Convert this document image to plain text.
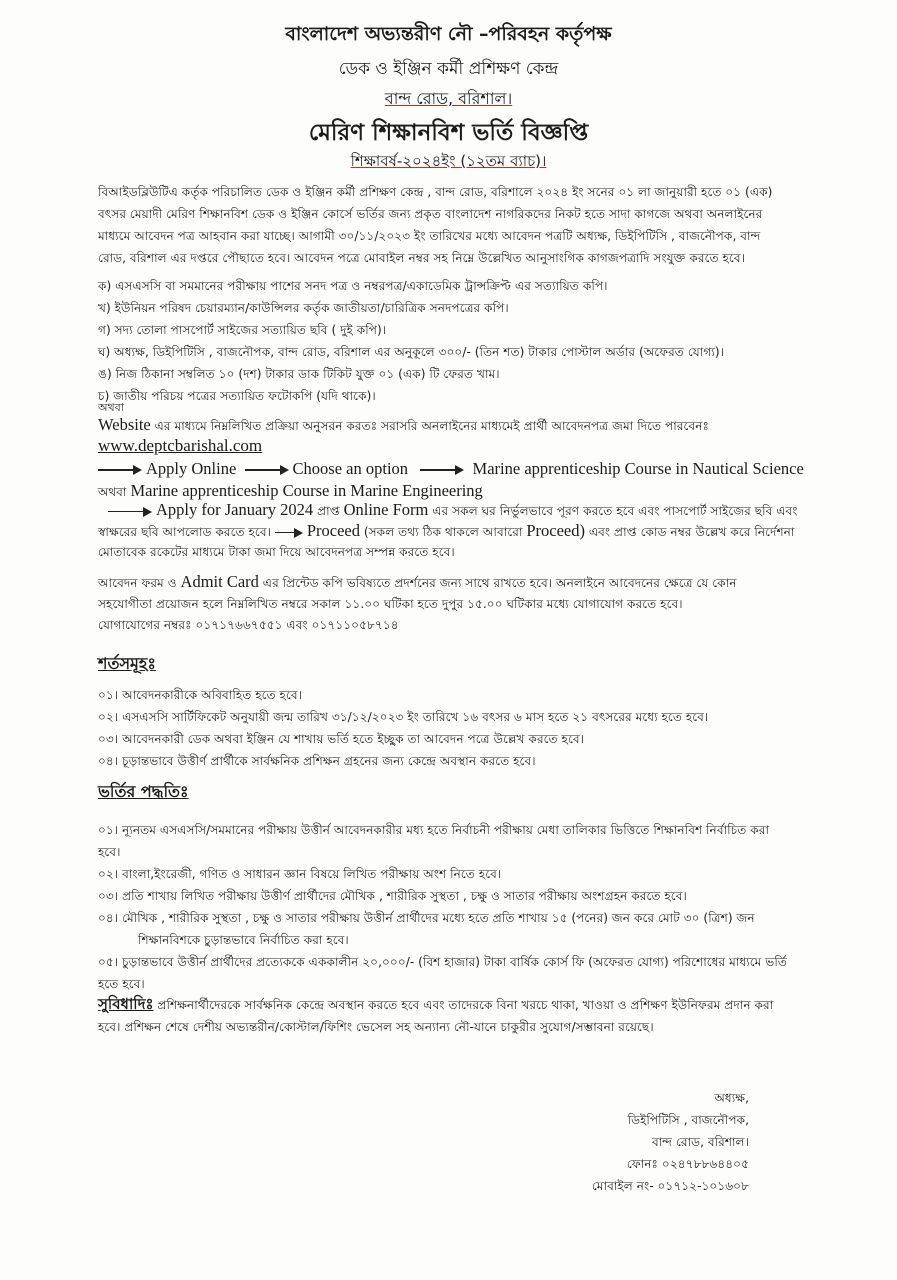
বাংলাদেশ অভ্যন্তরীণ নৌ –পরিবহন কর্তৃপক্ষ
ডেক ও ইঞ্জিন কর্মী প্রশিক্ষণ কেন্দ্র
বান্দ রোড, বরিশাল।
মেরিণ শিক্ষানবিশ ভর্তি বিজ্ঞপ্তি
শিক্ষাবর্ষ-২০২৪ইং (১২তম ব্যাচ)।
বিআইডব্লিউটিএ কর্তৃক পরিচালিত ডেক ও ইঞ্জিন কর্মী প্রশিক্ষণ কেন্দ্র , বান্দ রোড, বরিশালে ২০২৪ ইং সনের ০১ লা জানুয়ারী হতে ০১ (এক) বৎসর মেয়াদী মেরিণ শিক্ষানবিশ ডেক ও ইঞ্জিন কোর্সে ভর্তির জন্য প্রকৃত বাংলাদেশ নাগরিকদের নিকট হতে সাদা কাগজে অথবা অনলাইনের মাধ্যমে আবেদন পত্র আহবান করা যাচ্ছে। আগামী ৩০/১১/২০২৩ ইং তারিখের মধ্যে আবেদন পত্রটি অধ্যক্ষ, ডিইপিটিসি , বাজনৌপক, বান্দ রোড, বরিশাল এর দপ্তরে পৌছাতে হবে। আবেদন পত্রে মোবাইল নম্বর সহ নিম্নে উল্লেখিত আনুসাংগিক কাগজপত্রাদি সংযুক্ত করতে হবে।
ক) এসএসসি বা সমমানের পরীক্ষায় পাশের সনদ পত্র ও নম্বরপত্র/একাডেমিক ট্রান্সক্রিপ্ট এর সত্যায়িত কপি।
খ) ইউনিয়ন পরিষদ চেয়ারম্যান/কাউন্সিলর কর্তৃক জাতীয়তা/চারিত্রিক সনদপত্রের কপি।
গ) সদ্য তোলা পাসপোর্ট সাইজের সত্যায়িত ছবি ( দুই কপি)।
ঘ) অধ্যক্ষ, ডিইপিটিসি , বাজনৌপক, বান্দ রোড, বরিশাল এর অনুকূলে ৩০০/- (তিন শত) টাকার পোস্টাল অর্ডার (অফেরত যোগ্য)।
ঙ) নিজ ঠিকানা সম্বলিত ১০ (দশ) টাকার ডাক টিকিট যুক্ত ০১ (এক) টি ফেরত খাম।
চ) জাতীয় পরিচয় পত্রের সত্যায়িত ফটোকপি (যদি থাকে)।
অথবা
Website এর মাধ্যমে নিম্নলিখিত প্রক্রিয়া অনুসরন করতঃ সরাসরি অনলাইনের মাধ্যমেই প্রার্থী আবেদনপত্র জমা দিতে পারবেনঃ
www.deptcbarishal.com
Apply Online	Choose an option	Marine apprenticeship Course in Nautical Science অথবা Marine apprenticeship Course in Marine Engineering
Apply for January 2024 প্রাপ্ত Online Form এর সকল ঘর নির্ভুলভাবে পূরণ করতে হবে এবং পাসপোর্ট সাইজের ছবি এবং স্বাক্ষরের ছবি আপলোড করতে হবে। Proceed (সকল তথ্য ঠিক থাকলে আবারো Proceed) এবং প্রাপ্ত কোড নম্বর উল্লেখ করে নির্দেশনা মোতাবেক রকেটের মাধ্যমে টাকা জমা দিয়ে আবেদনপত্র সম্পন্ন করতে হবে।
আবেদন ফরম ও Admit Card এর প্রিন্টেড কপি ভবিষ্যতে প্রদর্শনের জন্য সাথে রাখতে হবে। অনলাইনে আবেদনের ক্ষেত্রে যে কোন সহযোগীতা প্রয়োজন হলে নিম্নলিখিত নম্বরে সকাল ১১.০০ ঘটিকা হতে দুপুর ১৫.০০ ঘটিকার মধ্যে যোগাযোগ করতে হবে।
যোগাযোগের নম্বরঃ ০১৭১৭৬৬৭৫৫১ এবং ০১৭১১০৫৮৭১৪
শর্তসমূহঃ
০১। আবেদনকারীকে অবিবাহিত হতে হবে।
০২। এসএসসি সার্টিফিকেট অনুযায়ী জন্ম তারিখ ৩১/১২/২০২৩ ইং তারিখে ১৬ বৎসর ৬ মাস হতে ২১ বৎসরের মধ্যে হতে হবে।
০৩। আবেদনকারী ডেক অথবা ইঞ্জিন যে শাখায় ভর্তি হতে ইচ্ছুক তা আবেদন পত্রে উল্লেখ করতে হবে।
০৪। চূড়ান্তভাবে উত্তীর্ণ প্রার্থীকে সার্বক্ষনিক প্রশিক্ষন গ্রহনের জন্য কেন্দ্রে অবস্থান করতে হবে।
ভর্তির পদ্ধতিঃ
০১। ন্যূনতম এসএসসি/সমমানের পরীক্ষায় উত্তীর্ন আবেদনকারীর মধ্য হতে নির্বাচনী পরীক্ষায় মেধা তালিকার ভিত্তিতে শিক্ষানবিশ নির্বাচিত করা হবে।
০২। বাংলা,ইংরেজী, গণিত ও সাধারন জ্ঞান বিষয়ে লিখিত পরীক্ষায় অংশ নিতে হবে।
০৩। প্রতি শাখায় লিখিত পরীক্ষায় উত্তীর্ণ প্রার্থীদের মৌখিক , শারীরিক সুস্থতা , চক্ষু ও সাতার পরীক্ষায় অংশগ্রহন করতে হবে।
০৪। মৌখিক , শারীরিক সুস্থতা , চক্ষু ও সাতার পরীক্ষায় উত্তীর্ন প্রার্থীদের মধ্যে হতে প্রতি শাখায় ১৫ (পনের) জন করে মোট ৩০ (ত্রিশ) জন
শিক্ষানবিশকে চুড়ান্তভাবে নির্বাচিত করা হবে।
০৫। চুড়ান্তভাবে উত্তীর্ন প্রার্থীদের প্রত্যেককে এককালীন ২০,০০০/- (বিশ হাজার) টাকা বার্ষিক কোর্স ফি (অফেরত যোগ্য) পরিশোধের মাধ্যমে ভর্তি হতে হবে।
সুবিধাদিঃ প্রশিক্ষনার্থীদেরকে সার্বক্ষনিক কেন্দ্রে অবস্থান করতে হবে এবং তাদেরকে বিনা খরচে থাকা, খাওয়া ও প্রশিক্ষণ ইউনিফরম প্রদান করা হবে। প্রশিক্ষন শেষে দেশীয় অভ্যন্তরীন/কোস্টাল/ফিশিং ভেসেল সহ অন্যান্য নৌ-যানে চাকুরীর সুযোগ/সম্ভাবনা রয়েছে।
অধ্যক্ষ,
ডিইপিটিসি , বাজনৌপক,
বান্দ রোড, বরিশাল।
ফোনঃ ০২৪৭৮৮৬৪৪০৫
মোবাইল নং- ০১৭১২-১০১৬০৮
